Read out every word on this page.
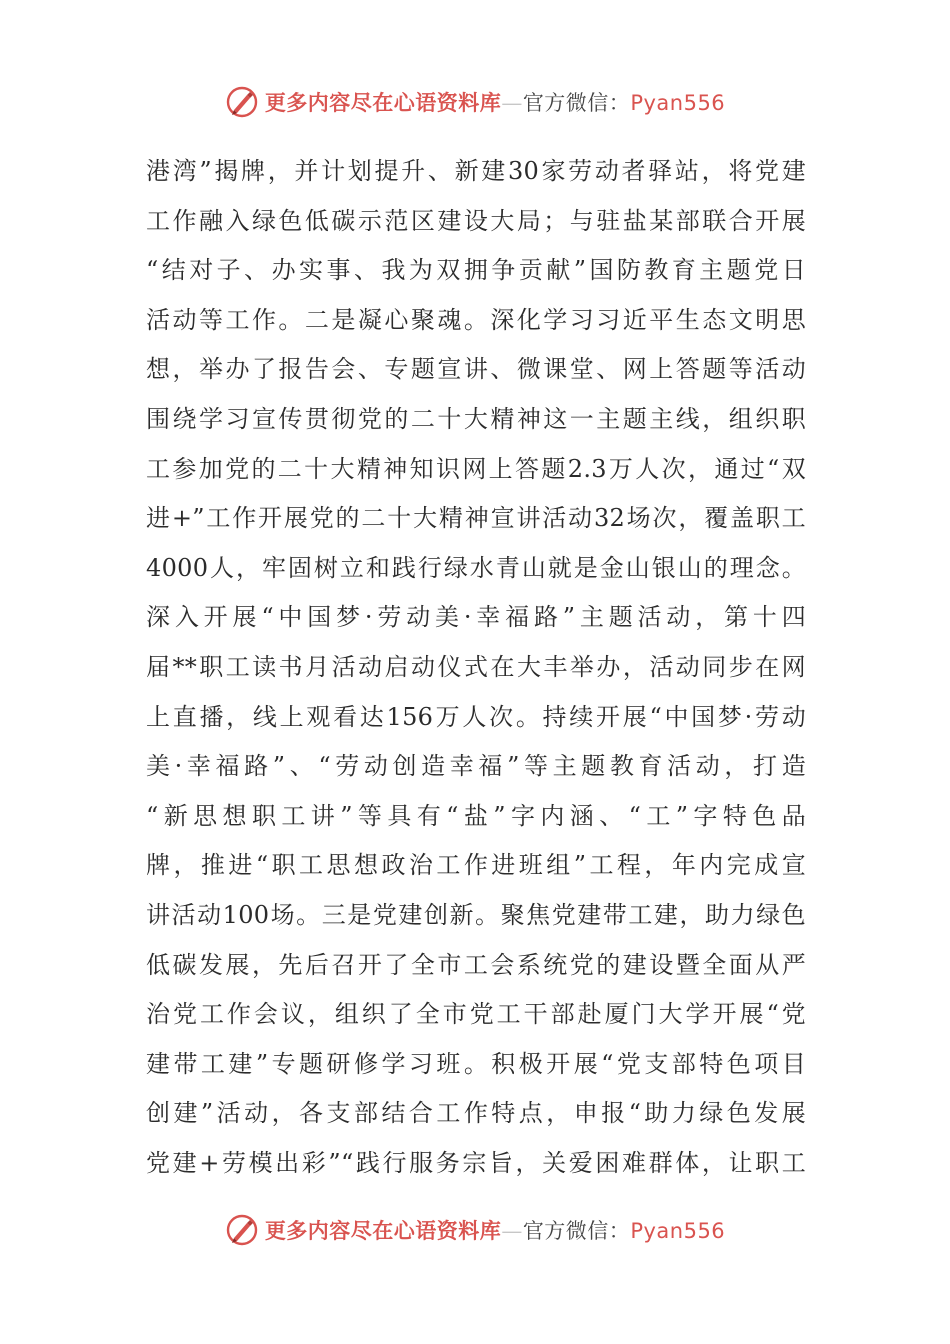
更多内容尽在心语资料库—官方微信：Pyan556
港湾”揭牌，并计划提升、新建30家劳动者驿站，将党建
工作融入绿色低碳示范区建设大局；与驻盐某部联合开展
“结对子、办实事、我为双拥争贡献”国防教育主题党日
活动等工作。二是凝心聚魂。深化学习习近平生态文明思
想，举办了报告会、专题宣讲、微课堂、网上答题等活动
围绕学习宣传贯彻党的二十大精神这一主题主线，组织职
工参加党的二十大精神知识网上答题2.3万人次，通过“双
进+”工作开展党的二十大精神宣讲活动32场次，覆盖职工
4000人，牢固树立和践行绿水青山就是金山银山的理念。
深入开展“中国梦·劳动美·幸福路”主题活动，第十四
届**职工读书月活动启动仪式在大丰举办，活动同步在网
上直播，线上观看达156万人次。持续开展“中国梦·劳动
美·幸福路”、“劳动创造幸福”等主题教育活动，打造
“新思想职工讲”等具有“盐”字内涵、“工”字特色品
牌，推进“职工思想政治工作进班组”工程，年内完成宣
讲活动100场。三是党建创新。聚焦党建带工建，助力绿色
低碳发展，先后召开了全市工会系统党的建设暨全面从严
治党工作会议，组织了全市党工干部赴厦门大学开展“党
建带工建”专题研修学习班。积极开展“党支部特色项目
创建”活动，各支部结合工作特点，申报“助力绿色发展
党建+劳模出彩”“践行服务宗旨，关爱困难群体，让职工
更多内容尽在心语资料库—官方微信：Pyan556
